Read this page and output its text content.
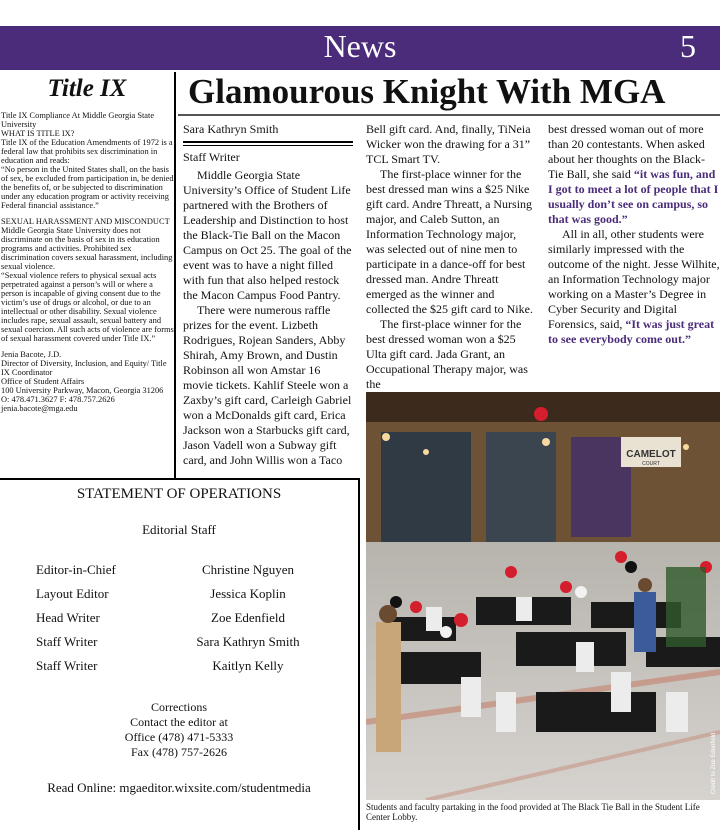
News	5
Title IX

Title IX Compliance At Middle Georgia State University

WHAT IS TITLE IX?

Title IX of the Education Amendments of 1972 is a federal law that prohibits sex discrimination in education and reads:

“No person in the United States shall, on the basis of sex, be excluded from participation in, be denied the benefits of, or be subjected to discrimination under any education program or activity receiving Federal financial assistance.”

SEXUAL HARASSMENT AND MISCONDUCT

Middle Georgia State University does not discriminate on the basis of sex in its education programs and activities. Prohibited sex discrimination covers sexual harassment, including sexual violence.

“Sexual violence refers to physical sexual acts perpetrated against a person’s will or where a person is incapable of giving consent due to the victim’s use of drugs or alcohol, or due to an intellectual or other disability. Sexual violence includes rape, sexual assault, sexual battery and sexual coercion. All such acts of violence are forms of sexual harassment covered under Title IX.”

Jenia Bacote, J.D.

Director of Diversity, Inclusion, and Equity/ Title IX Coordinator

Office of Student Affairs

100 University Parkway, Macon, Georgia 31206

O: 478.471.3627 F: 478.757.2626

jenia.bacote@mga.edu

Glamourous Knight With MGA
Sara Kathryn Smith
Staff Writer

Middle Georgia State University’s Office of Student Life partnered with the Brothers of Leadership and Distinction to host the Black-Tie Ball on the Macon Campus on Oct 25. The goal of the event was to have a night filled with fun that also helped restock the Macon Campus Food Pantry.

There were numerous raffle prizes for the event. Lizbeth Rodrigues, Rojean Sanders, Abby Shirah, Amy Brown, and Dustin Robinson all won Amstar 16 movie tickets. Kahlif Steele won a Zaxby’s gift card, Carleigh Gabriel won a McDonalds gift card, Erica Jackson won a Starbucks gift card, Jason Vadell won a Subway gift card, and John Willis won a Taco

Bell gift card. And, finally, TiNeia Wicker won the drawing for a 31” TCL Smart TV.

The first-place winner for the best dressed man wins a $25 Nike gift card. Andre Threatt, a Nursing major, and Caleb Sutton, an Information Technology major, was selected out of nine men to participate in a dance-off for best dressed man. Andre Threatt emerged as the winner and collected the $25 gift card to Nike.

The first-place winner for the best dressed woman won a $25 Ulta gift card. Jada Grant, an Occupational Therapy major, was the

best dressed woman out of more than 20 contestants. When asked about her thoughts on the Black-Tie Ball, she said “it was fun, and I got to meet a lot of people that I usually don’t see on campus, so that was good.”

All in all, other students were similarly impressed with the outcome of the night. Jesse Wilhite, an Information Technology major working on a Master’s Degree in Cyber Security and Digital Forensics, said, “It was just great to see everybody come out.”

CAMELOT
COURT
Credit to Zoe Edenfield
Students and faculty partaking in the food provided at The Black Tie Ball in the Student Life Center Lobby.
STATEMENT OF OPERATIONS
Editorial Staff
Editor-in-Chief	Christine Nguyen
Layout Editor	Jessica Koplin
Head Writer	Zoe Edenfield
Staff Writer	Sara Kathryn Smith
Staff Writer	Kaitlyn Kelly
Corrections
Contact the editor at
Office (478) 471-5333
Fax (478) 757-2626
Read Online: mgaeditor.wixsite.com/studentmedia
